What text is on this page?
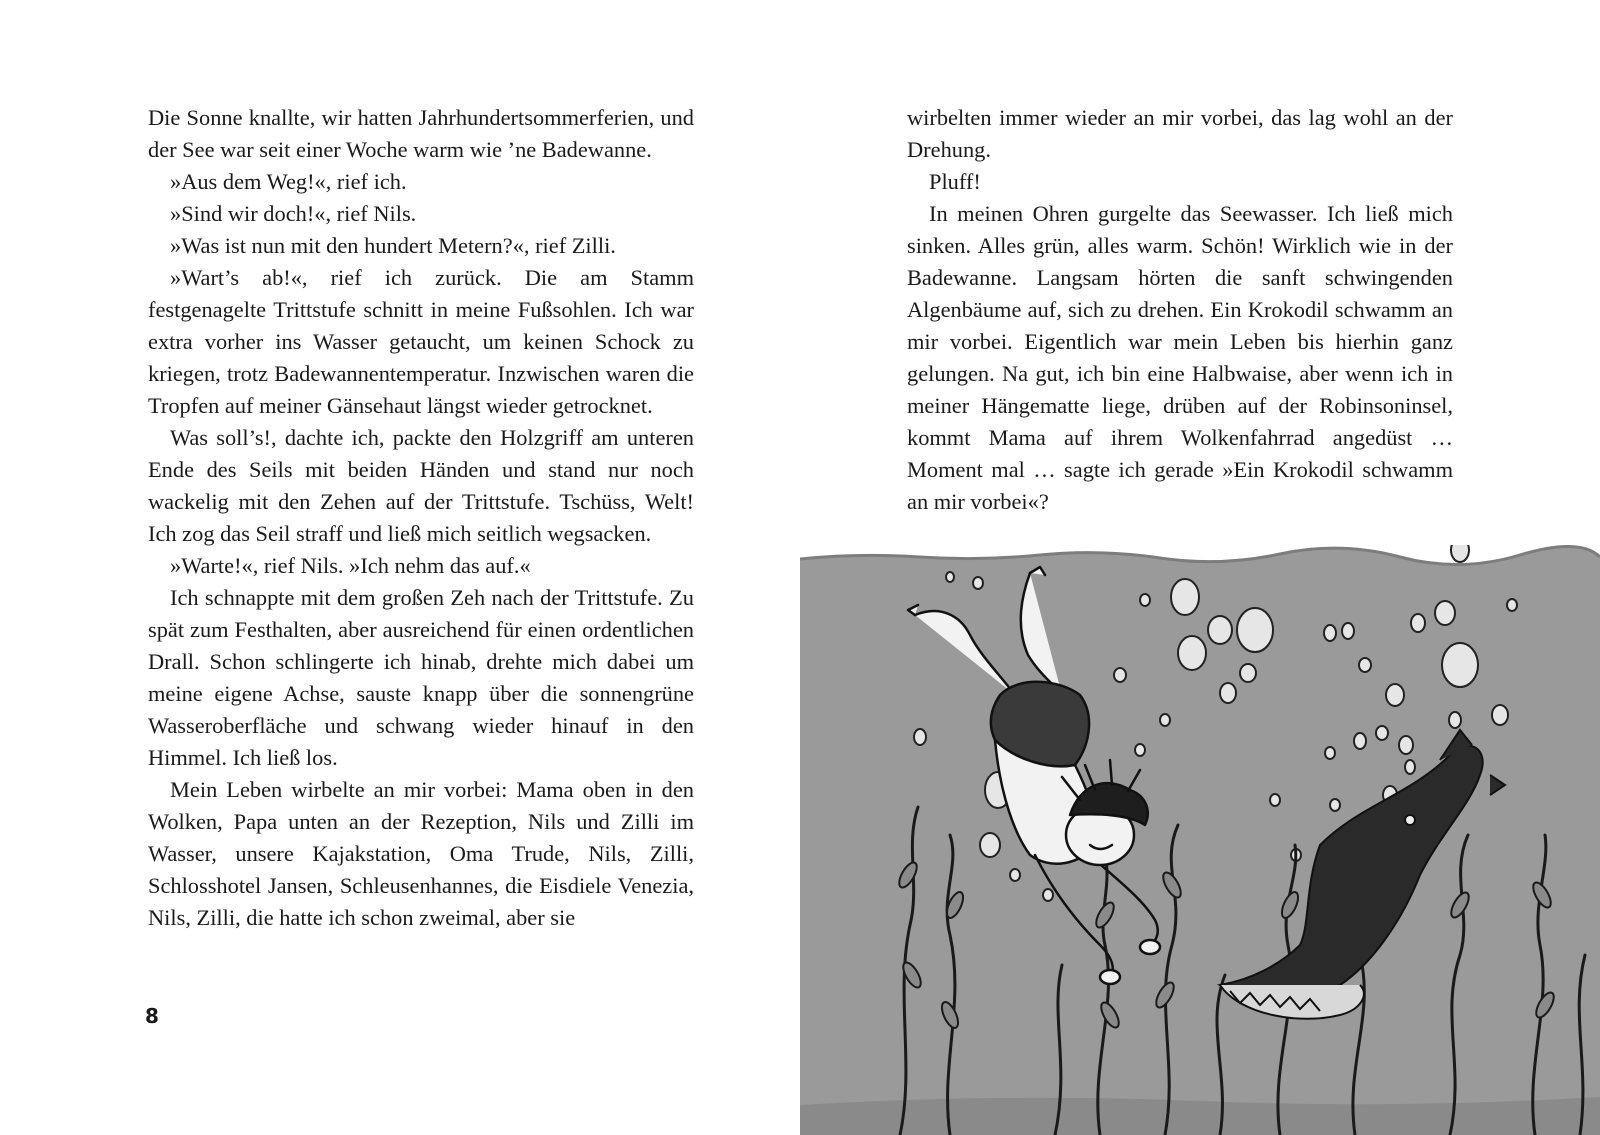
Die Sonne knallte, wir hatten Jahrhundertsommerferien, und der See war seit einer Woche warm wie ’ne Badewanne.

»Aus dem Weg!«, rief ich.

»Sind wir doch!«, rief Nils.

»Was ist nun mit den hundert Metern?«, rief Zilli.

»Wart’s ab!«, rief ich zurück. Die am Stamm festgenagelte Trittstufe schnitt in meine Fußsohlen. Ich war extra vorher ins Wasser getaucht, um keinen Schock zu kriegen, trotz Badewannentemperatur. Inzwischen waren die Tropfen auf meiner Gänsehaut längst wieder getrocknet.

Was soll’s!, dachte ich, packte den Holzgriff am unteren Ende des Seils mit beiden Händen und stand nur noch wackelig mit den Zehen auf der Trittstufe. Tschüss, Welt! Ich zog das Seil straff und ließ mich seitlich wegsacken.

»Warte!«, rief Nils. »Ich nehm das auf.«

Ich schnappte mit dem großen Zeh nach der Trittstufe. Zu spät zum Festhalten, aber ausreichend für einen ordentlichen Drall. Schon schlingerte ich hinab, drehte mich dabei um meine eigene Achse, sauste knapp über die sonnengrüne Wasseroberfläche und schwang wieder hinauf in den Himmel. Ich ließ los.

Mein Leben wirbelte an mir vorbei: Mama oben in den Wolken, Papa unten an der Rezeption, Nils und Zilli im Wasser, unsere Kajakstation, Oma Trude, Nils, Zilli, Schlosshotel Jansen, Schleusenhannes, die Eisdiele Venezia, Nils, Zilli, die hatte ich schon zweimal, aber sie

8

wirbelten immer wieder an mir vorbei, das lag wohl an der Drehung.

Pluff!

In meinen Ohren gurgelte das Seewasser. Ich ließ mich sinken. Alles grün, alles warm. Schön! Wirklich wie in der Badewanne. Langsam hörten die sanft schwingenden Algenbäume auf, sich zu drehen. Ein Krokodil schwamm an mir vorbei. Eigentlich war mein Leben bis hierhin ganz gelungen. Na gut, ich bin eine Halbwaise, aber wenn ich in meiner Hängematte liege, drüben auf der Robinsoninsel, kommt Mama auf ihrem Wolkenfahrrad angedüst … Moment mal … sagte ich gerade »Ein Krokodil schwamm an mir vorbei«?
